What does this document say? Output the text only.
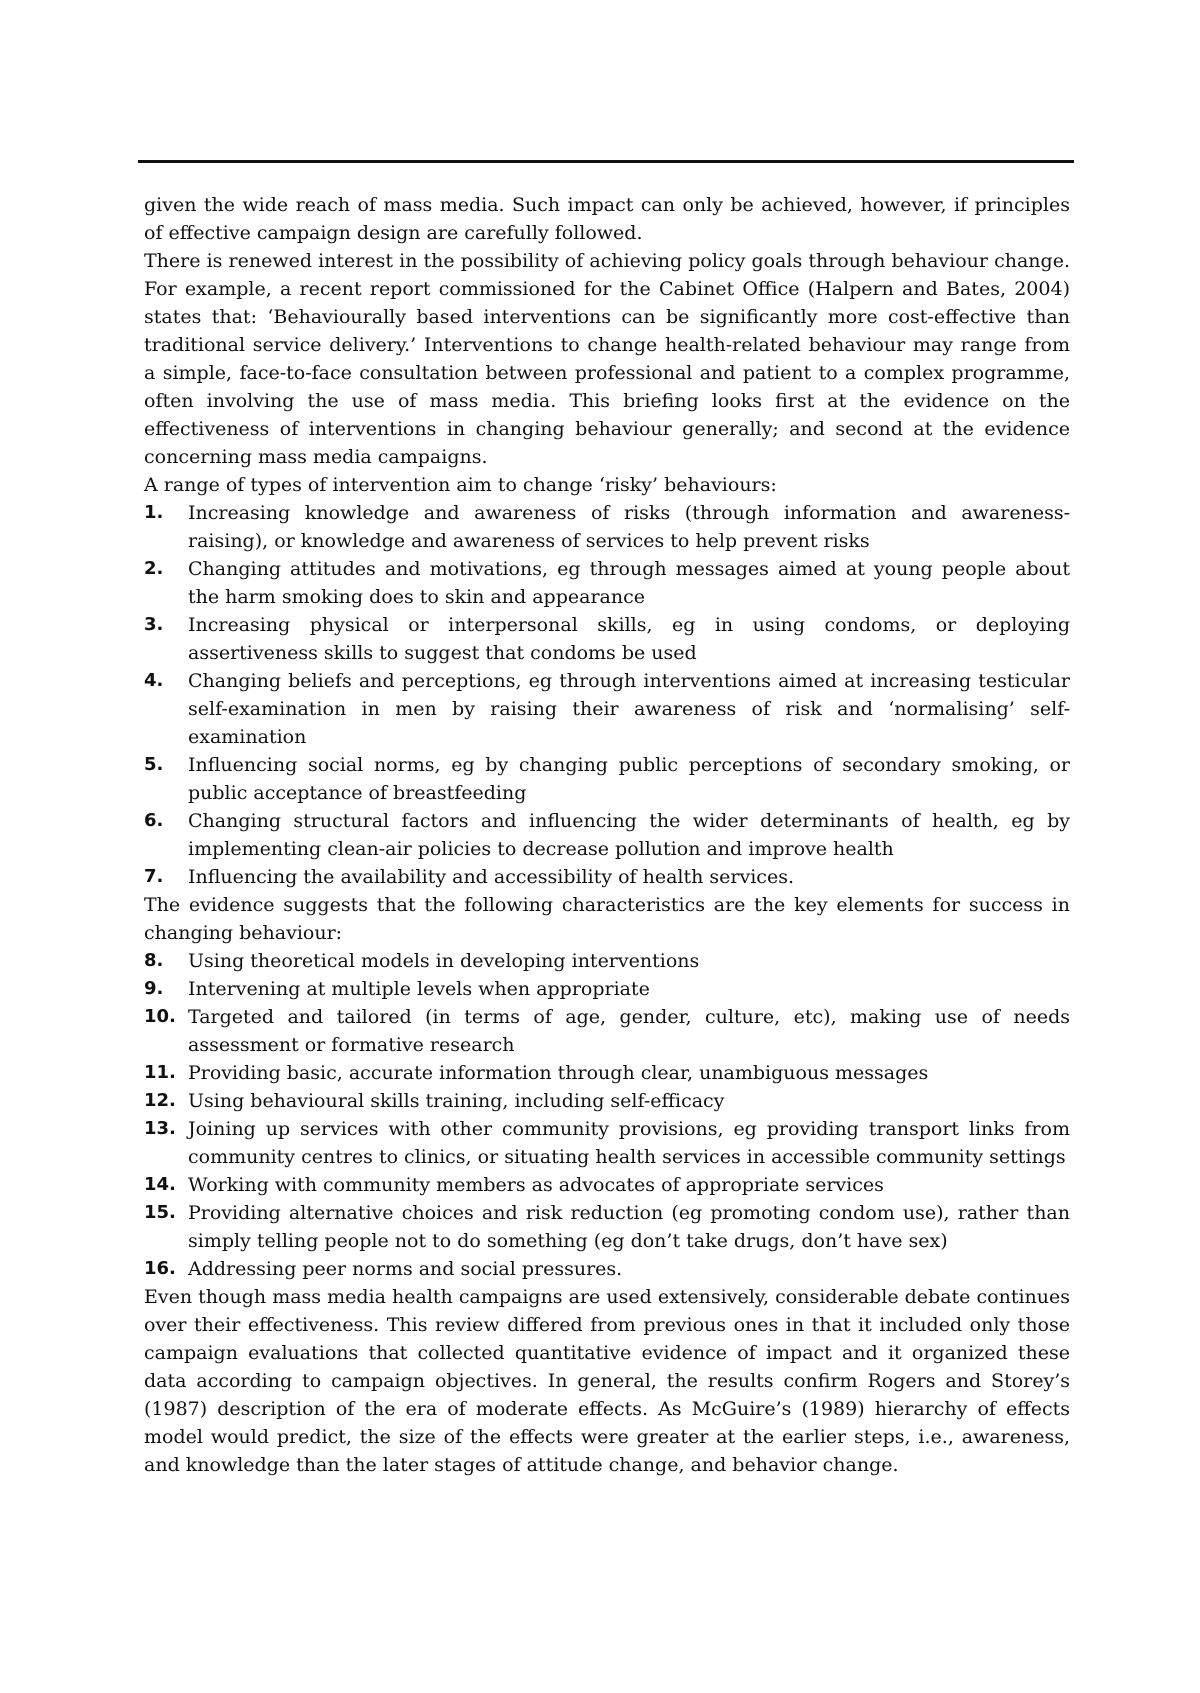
given the wide reach of mass media. Such impact can only be achieved, however, if principles of effective campaign design are carefully followed.

There is renewed interest in the possibility of achieving policy goals through behaviour change. For example, a recent report commissioned for the Cabinet Office (Halpern and Bates, 2004) states that: ‘Behaviourally based interventions can be significantly more cost-effective than traditional service delivery.’ Interventions to change health-related behaviour may range from a simple, face-to-face consultation between professional and patient to a complex programme, often involving the use of mass media. This briefing looks first at the evidence on the effectiveness of interventions in changing behaviour generally; and second at the evidence concerning mass media campaigns.

A range of types of intervention aim to change ‘risky’ behaviours:

1. Increasing knowledge and awareness of risks (through information and awareness-raising), or knowledge and awareness of services to help prevent risks
2. Changing attitudes and motivations, eg through messages aimed at young people about the harm smoking does to skin and appearance
3. Increasing physical or interpersonal skills, eg in using condoms, or deploying assertiveness skills to suggest that condoms be used
4. Changing beliefs and perceptions, eg through interventions aimed at increasing testicular self-examination in men by raising their awareness of risk and ‘normalising’ self-examination
5. Influencing social norms, eg by changing public perceptions of secondary smoking, or public acceptance of breastfeeding
6. Changing structural factors and influencing the wider determinants of health, eg by implementing clean-air policies to decrease pollution and improve health
7. Influencing the availability and accessibility of health services.

The evidence suggests that the following characteristics are the key elements for success in changing behaviour:

8. Using theoretical models in developing interventions
9. Intervening at multiple levels when appropriate
10. Targeted and tailored (in terms of age, gender, culture, etc), making use of needs assessment or formative research
11. Providing basic, accurate information through clear, unambiguous messages
12. Using behavioural skills training, including self-efficacy
13. Joining up services with other community provisions, eg providing transport links from community centres to clinics, or situating health services in accessible community settings
14. Working with community members as advocates of appropriate services
15. Providing alternative choices and risk reduction (eg promoting condom use), rather than simply telling people not to do something (eg don’t take drugs, don’t have sex)
16. Addressing peer norms and social pressures.

Even though mass media health campaigns are used extensively, considerable debate continues over their effectiveness. This review differed from previous ones in that it included only those campaign evaluations that collected quantitative evidence of impact and it organized these data according to campaign objectives. In general, the results confirm Rogers and Storey’s (1987) description of the era of moderate effects. As McGuire’s (1989) hierarchy of effects model would predict, the size of the effects were greater at the earlier steps, i.e., awareness, and knowledge than the later stages of attitude change, and behavior change.
